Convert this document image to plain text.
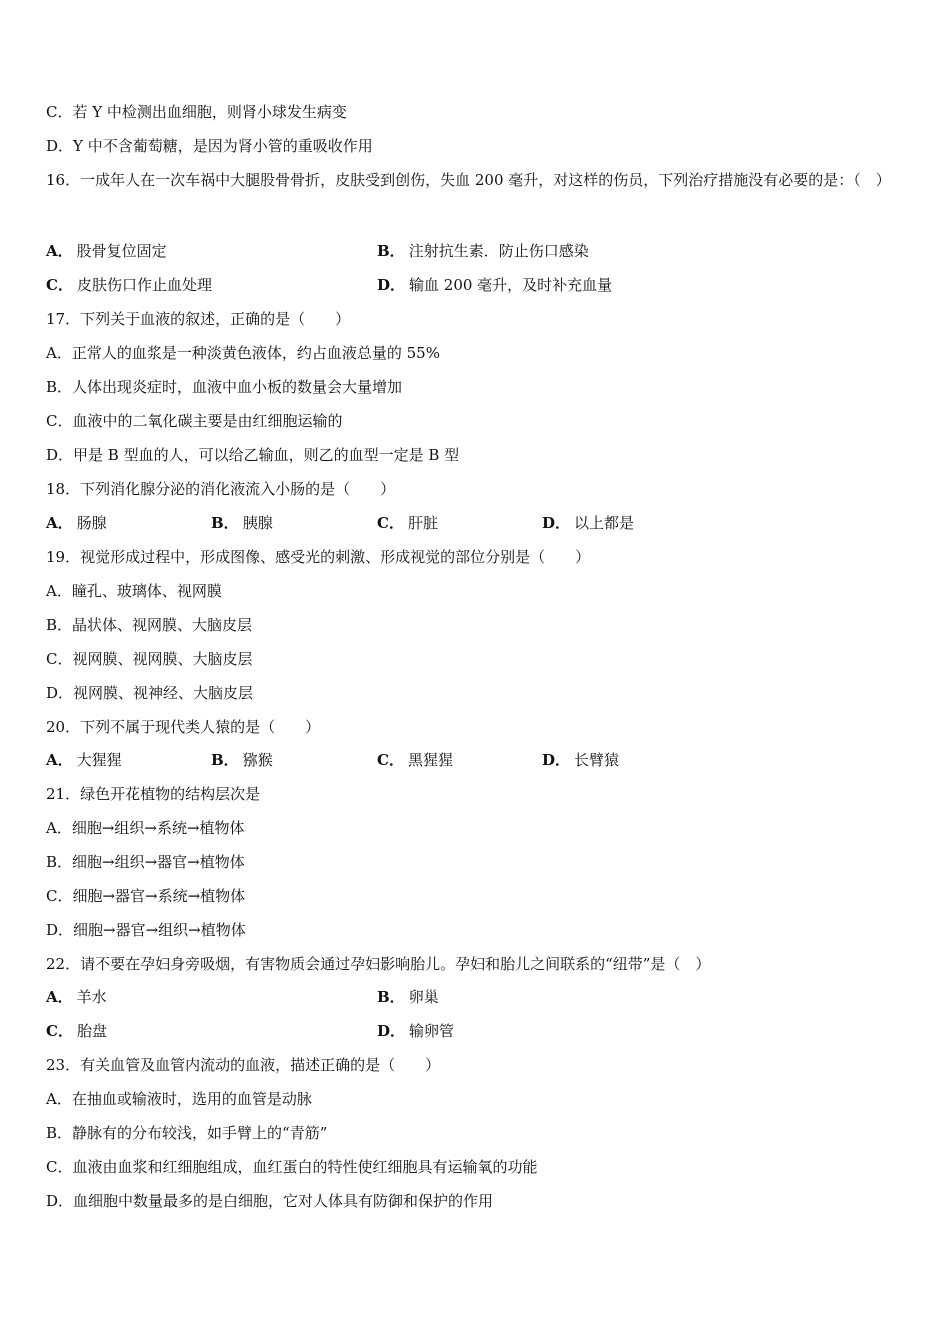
C．若 Y 中检测出血细胞，则肾小球发生病变
D．Y 中不含葡萄糖，是因为肾小管的重吸收作用
16．一成年人在一次车祸中大腿股骨骨折，皮肤受到创伤，失血 200 毫升，对这样的伤员，下列治疗措施没有必要的是：（　）
A． 股骨复位固定	B． 注射抗生素．防止伤口感染
C． 皮肤伤口作止血处理	D． 输血 200 毫升，及时补充血量
17．下列关于血液的叙述，正确的是（　　）
A．正常人的血浆是一种淡黄色液体，约占血液总量的 55%
B．人体出现炎症时，血液中血小板的数量会大量增加
C．血液中的二氧化碳主要是由红细胞运输的
D．甲是 B 型血的人，可以给乙输血，则乙的血型一定是 B 型
18．下列消化腺分泌的消化液流入小肠的是（　　）
A． 肠腺	B． 胰腺	C． 肝脏	D． 以上都是
19．视觉形成过程中，形成图像、感受光的刺激、形成视觉的部位分别是（　　）
A．瞳孔、玻璃体、视网膜
B．晶状体、视网膜、大脑皮层
C．视网膜、视网膜、大脑皮层
D．视网膜、视神经、大脑皮层
20．下列不属于现代类人猿的是（　　）
A． 大猩猩	B． 猕猴	C． 黑猩猩	D． 长臂猿
21．绿色开花植物的结构层次是
A．细胞→组织→系统→植物体
B．细胞→组织→器官→植物体
C．细胞→器官→系统→植物体
D．细胞→器官→组织→植物体
22．请不要在孕妇身旁吸烟，有害物质会通过孕妇影响胎儿。孕妇和胎儿之间联系的“纽带”是（　）
A． 羊水	B． 卵巢
C． 胎盘	D． 输卵管
23．有关血管及血管内流动的血液，描述正确的是（　　）
A．在抽血或输液时，选用的血管是动脉
B．静脉有的分布较浅，如手臂上的“青筋”
C．血液由血浆和红细胞组成，血红蛋白的特性使红细胞具有运输氧的功能
D．血细胞中数量最多的是白细胞，它对人体具有防御和保护的作用
